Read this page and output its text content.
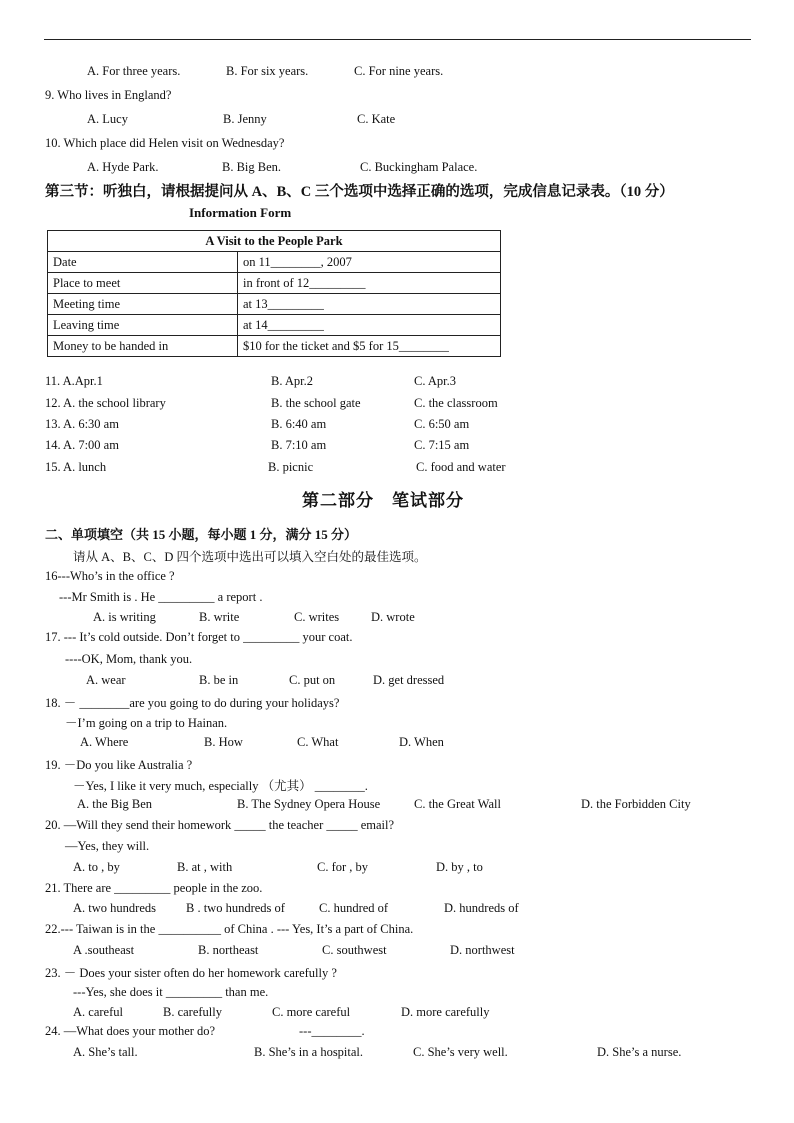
A. For three years.	B. For six years.	C. For nine years.
9. Who lives in England?
A. Lucy	B. Jenny	C. Kate
10. Which place did Helen visit on Wednesday?
A. Hyde Park.	B. Big Ben.	C. Buckingham Palace.
第三节：听独白，请根据提问从 A、B、C 三个选项中选择正确的选项，完成信息记录表。（10 分）
Information Form
A Visit to the People Park	
Date	on 11________, 2007
Place to meet	in front of 12_________
Meeting time	at 13_________
Leaving time	at 14_________
Money to be handed in	$10 for the ticket and $5 for 15________
11. A.Apr.1	B. Apr.2	C. Apr.3
12. A. the school library	B. the school gate	C. the classroom
13. A. 6:30 am	B. 6:40 am	C. 6:50 am
14. A. 7:00 am	B. 7:10 am	C. 7:15 am
15. A. lunch	B. picnic	C. food and water
第二部分　笔试部分
二、单项填空（共 15 小题，每小题 1 分，满分 15 分）
请从 A、B、C、D 四个选项中选出可以填入空白处的最佳选项。
16---Who’s in the office ?
---Mr Smith is . He _________ a report .
A. is writing	B. write	C. writes	D. wrote
17. --- It’s cold outside. Don’t forget to _________ your coat.
----OK, Mom, thank you.
A. wear	B. be in	C. put on	D. get dressed
18. － ________are you going to do during your holidays?
－I’m going on a trip to Hainan.
A. Where	B. How	C. What	D. When
19. －Do you like Australia ?
－Yes, I like it very much, especially （尤其） ________.
A. the Big Ben	B. The Sydney Opera House	C. the Great Wall	D. the Forbidden City
20. —Will they send their homework _____ the teacher _____ email?
—Yes, they will.
A. to , by	B. at , with	C. for , by	D. by , to
21. There are _________ people in the zoo.
A. two hundreds B . two hundreds of	C. hundred of	D. hundreds of
22.--- Taiwan is in the __________ of China . --- Yes, It’s a part of China.
A .southeast	B. northeast	C. southwest	D. northwest
23. － Does your sister often do her homework carefully ?
---Yes, she does it _________ than me.
A. careful	B. carefully	C. more careful	D. more carefully
24. —What does your mother do?	---________.
A. She’s tall.	B. She’s in a hospital.	C. She’s very well.	D. She’s a nurse.
